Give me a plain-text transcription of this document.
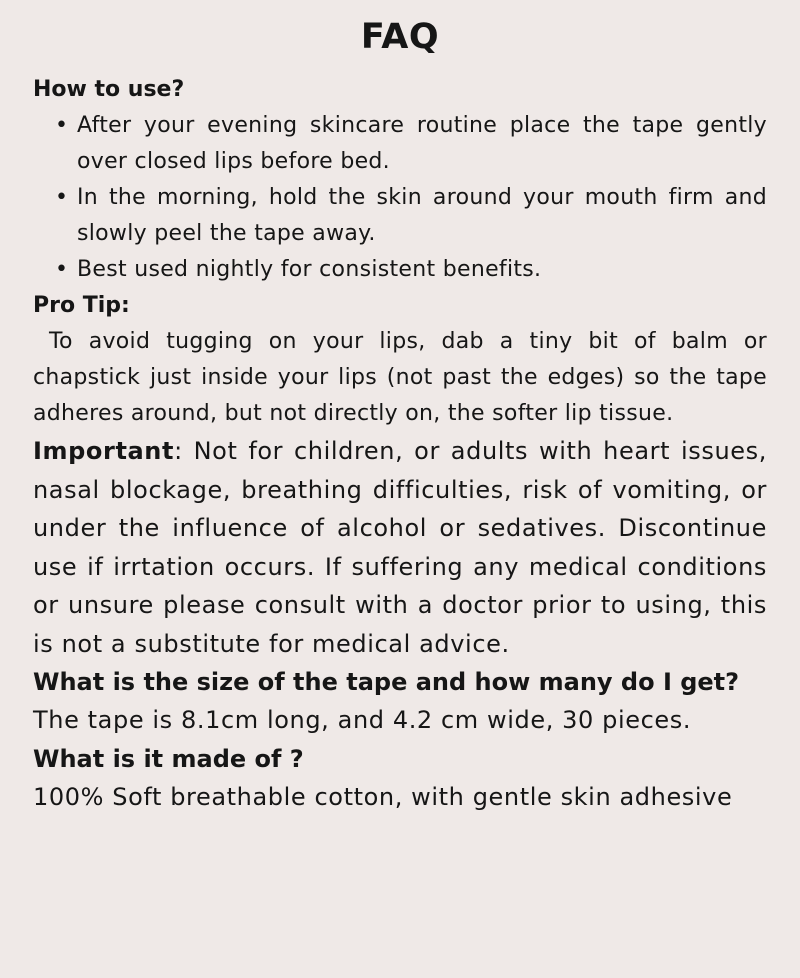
FAQ
How to use?
• After your evening skincare routine place the tape gently over closed lips before bed.
• In the morning, hold the skin around your mouth firm and slowly peel the tape away.
• Best used nightly for consistent benefits.
Pro Tip:

To avoid tugging on your lips, dab a tiny bit of balm or chapstick just inside your lips (not past the edges) so the tape adheres around, but not directly on, the softer lip tissue.

Important: Not for children, or adults with heart issues, nasal blockage, breathing difficulties, risk of vomiting, or under the influence of alcohol or sedatives. Discontinue use if irrtation occurs. If suffering any medical conditions or unsure please consult with a doctor prior to using, this is not a substitute for medical advice.

What is the size of the tape and how many do I get?

The tape is 8.1cm long, and 4.2 cm wide, 30 pieces.

What is it made of ?

100% Soft breathable cotton, with gentle skin adhesive
